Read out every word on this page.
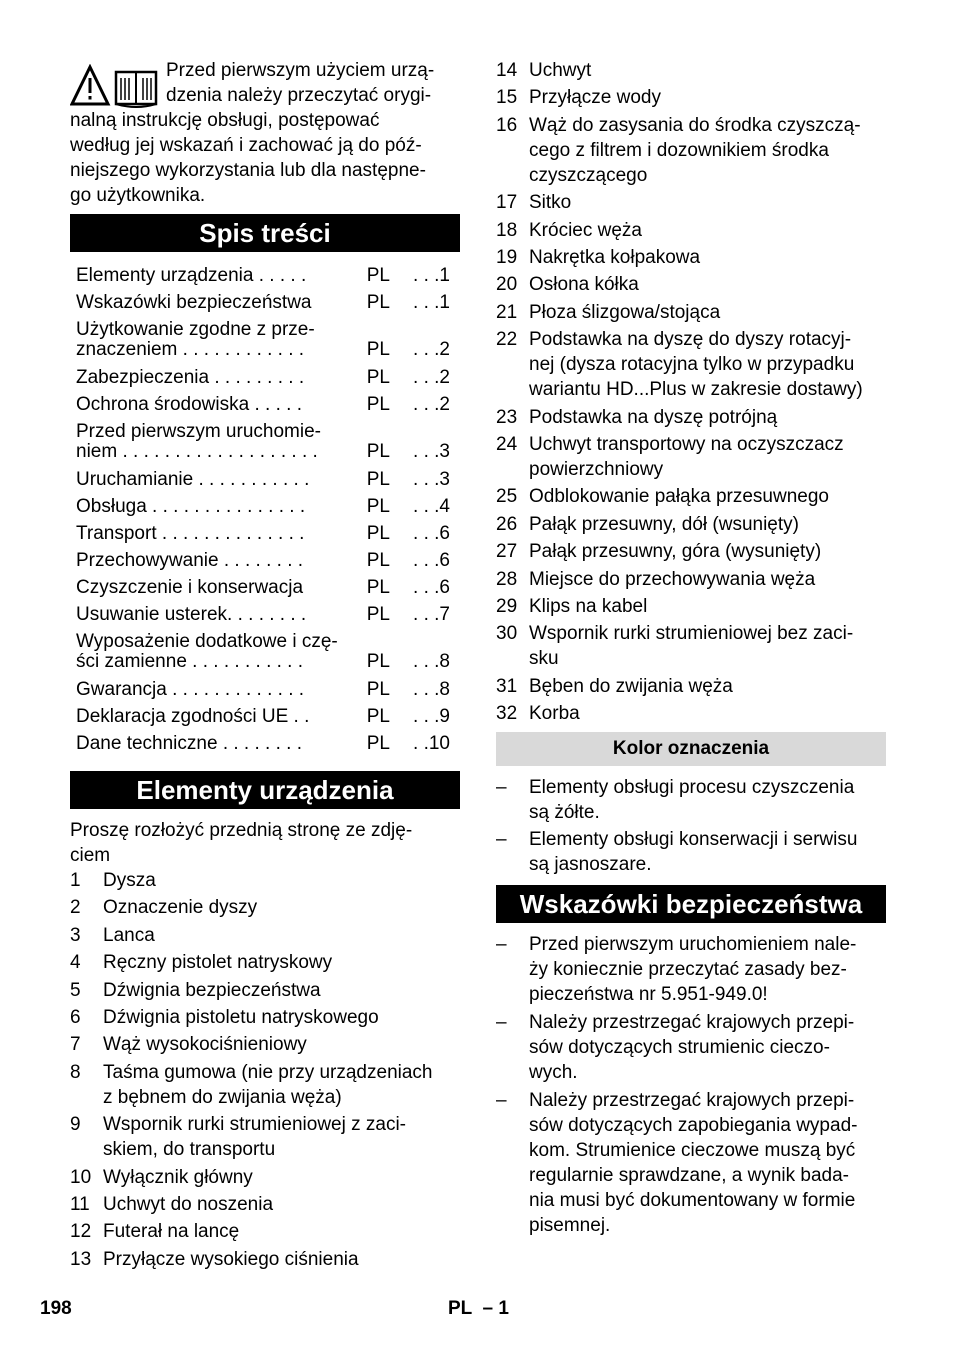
Przed pierwszym użyciem urzą-
dzenia należy przeczytać orygi-
nalną instrukcję obsługi, postępować
według jej wskazań i zachować ją do póź-
niejszego wykorzystania lub dla następne-
go użytkownika.
Spis treści
Elementy urządzenia . . . . .	PL . . .1
Wskazówki bezpieczeństwa	PL . . .1
Użytkowanie zgodne z prze-
znaczeniem . . . . . . . . . . . .	PL . . .2
Zabezpieczenia . . . . . . . . .	PL . . .2
Ochrona środowiska . . . . .	PL . . .2
Przed pierwszym uruchomie-
niem . . . . . . . . . . . . . . . . . . .	PL . . .3
Uruchamianie . . . . . . . . . . .	PL . . .3
Obsługa . . . . . . . . . . . . . . .	PL . . .4
Transport . . . . . . . . . . . . . .	PL . . .6
Przechowywanie . . . . . . . .	PL . . .6
Czyszczenie i konserwacja	PL . . .6
Usuwanie usterek. . . . . . . .	PL . . .7
Wyposażenie dodatkowe i czę-
ści zamienne . . . . . . . . . . .	PL . . .8
Gwarancja . . . . . . . . . . . . .	PL . . .8
Deklaracja zgodności UE . .	PL . . .9
Dane techniczne . . . . . . . .	PL . .10
Elementy urządzenia
Proszę rozłożyć przednią stronę ze zdję-
ciem
1 Dysza
2 Oznaczenie dyszy
3 Lanca
4 Ręczny pistolet natryskowy
5 Dźwignia bezpieczeństwa
6 Dźwignia pistoletu natryskowego
7 Wąż wysokociśnieniowy
8 Taśma gumowa (nie przy urządzeniach
z bębnem do zwijania węża)
9 Wspornik rurki strumieniowej z zaci-
skiem, do transportu
10 Wyłącznik główny
11 Uchwyt do noszenia
12 Futerał na lancę
13 Przyłącze wysokiego ciśnienia
14 Uchwyt
15 Przyłącze wody
16 Wąż do zasysania do środka czyszczą-
cego z filtrem i dozownikiem środka
czyszczącego
17 Sitko
18 Króciec węża
19 Nakrętka kołpakowa
20 Osłona kółka
21 Płoza ślizgowa/stojąca
22 Podstawka na dyszę do dyszy rotacyj-
nej (dysza rotacyjna tylko w przypadku
wariantu HD...Plus w zakresie dostawy)
23 Podstawka na dyszę potrójną
24 Uchwyt transportowy na oczyszczacz
powierzchniowy
25 Odblokowanie pałąka przesuwnego
26 Pałąk przesuwny, dół (wsunięty)
27 Pałąk przesuwny, góra (wysunięty)
28 Miejsce do przechowywania węża
29 Klips na kabel
30 Wspornik rurki strumieniowej bez zaci-
sku
31 Bęben do zwijania węża
32 Korba
Kolor oznaczenia
– Elementy obsługi procesu czyszczenia
są żółte.
– Elementy obsługi konserwacji i serwisu
są jasnoszare.
Wskazówki bezpieczeństwa
– Przed pierwszym uruchomieniem nale-
ży koniecznie przeczytać zasady bez-
pieczeństwa nr 5.951-949.0!
– Należy przestrzegać krajowych przepi-
sów dotyczących strumienic cieczo-
wych.
– Należy przestrzegać krajowych przepi-
sów dotyczących zapobiegania wypad-
kom. Strumienice cieczowe muszą być
regularnie sprawdzane, a wynik bada-
nia musi być dokumentowany w formie
pisemnej.
198	PL  – 1
